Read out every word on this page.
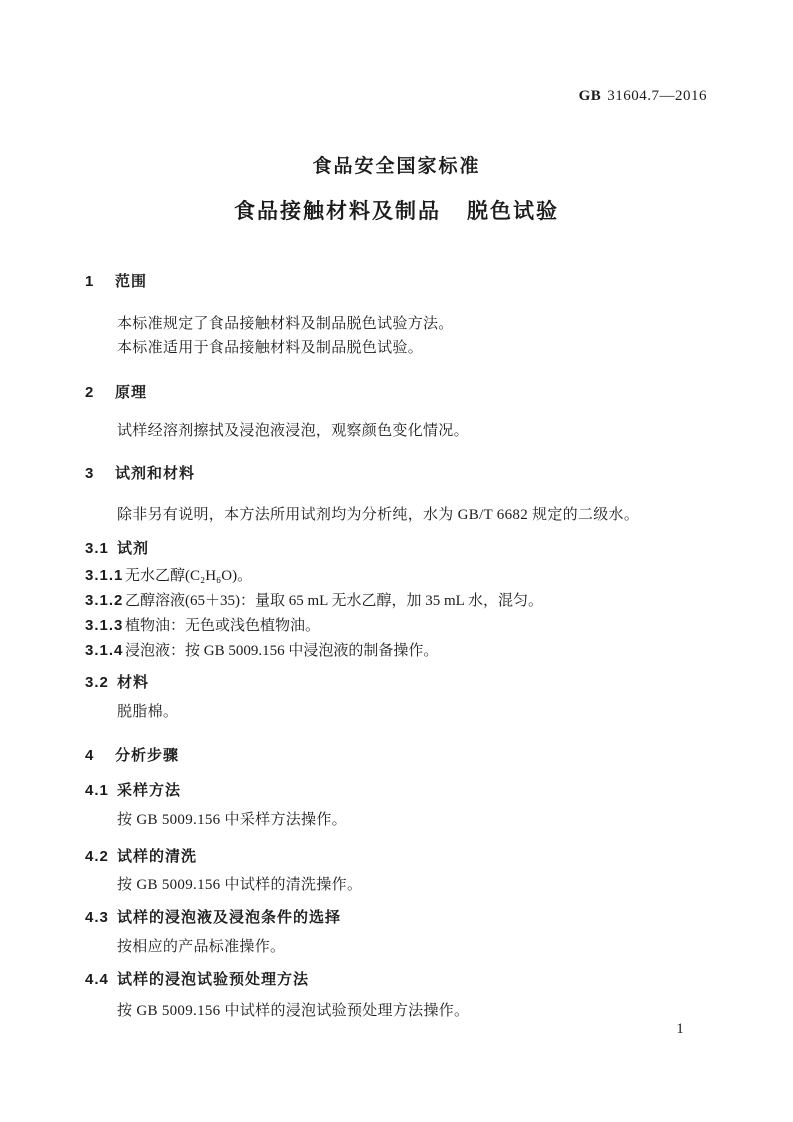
GB 31604.7—2016
食品安全国家标准
食品接触材料及制品 脱色试验
1 范围

本标准规定了食品接触材料及制品脱色试验方法。

本标准适用于食品接触材料及制品脱色试验。

2 原理

试样经溶剂擦拭及浸泡液浸泡，观察颜色变化情况。

3 试剂和材料

除非另有说明，本方法所用试剂均为分析纯，水为 GB/T 6682 规定的二级水。

3.1 试剂
3.1.1 无水乙醇(C₂H₆O)。
3.1.2 乙醇溶液(65＋35)：量取 65 mL 无水乙醇，加 35 mL 水，混匀。
3.1.3 植物油：无色或浅色植物油。
3.1.4 浸泡液：按 GB 5009.156 中浸泡液的制备操作。
3.2 材料

脱脂棉。

4 分析步骤
4.1 采样方法

按 GB 5009.156 中采样方法操作。

4.2 试样的清洗

按 GB 5009.156 中试样的清洗操作。

4.3 试样的浸泡液及浸泡条件的选择

按相应的产品标准操作。

4.4 试样的浸泡试验预处理方法

按 GB 5009.156 中试样的浸泡试验预处理方法操作。

1
